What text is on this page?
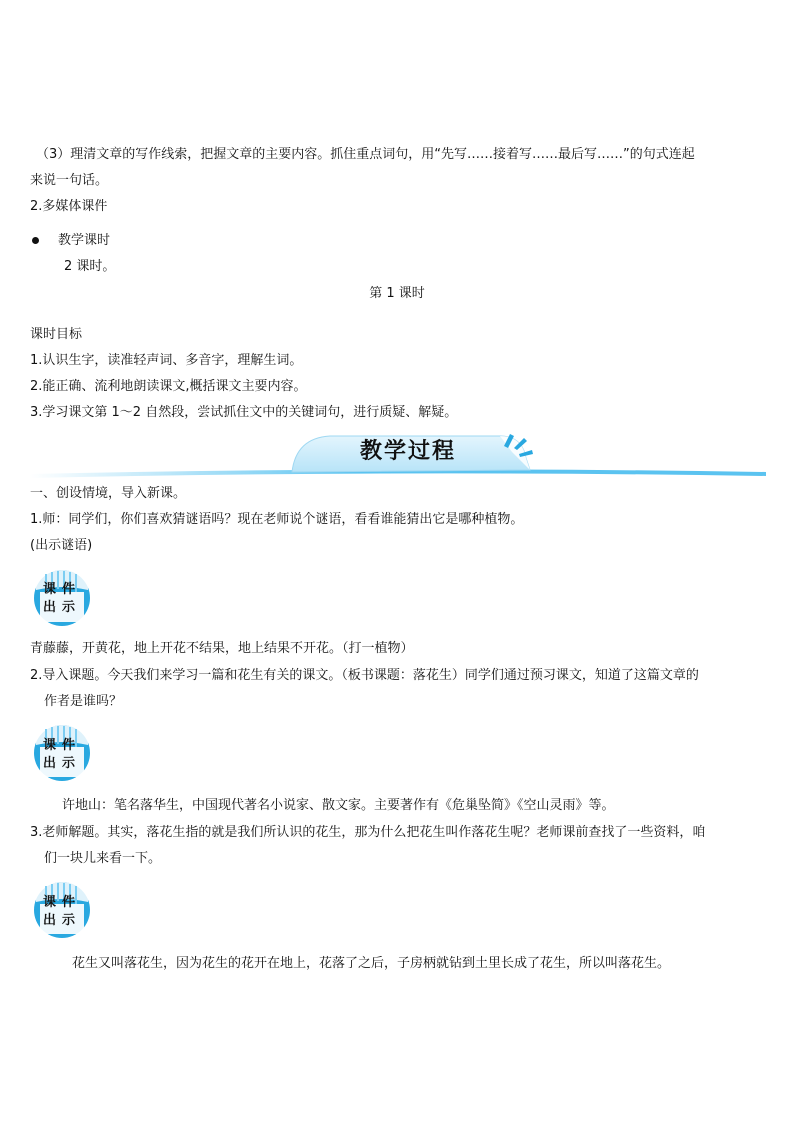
（3）理清文章的写作线索，把握文章的主要内容。抓住重点词句，用“先写……接着写……最后写……”的句式连起
来说一句话。
2.多媒体课件
教学课时
2 课时。
第 1 课时
课时目标
1.认识生字，读准轻声词、多音字，理解生词。
2.能正确、流利地朗读课文,概括课文主要内容。
3.学习课文第 1～2 自然段，尝试抓住文中的关键词句，进行质疑、解疑。
教学过程
一、创设情境，导入新课。
1.师：同学们，你们喜欢猜谜语吗？现在老师说个谜语，看看谁能猜出它是哪种植物。
(出示谜语)
课件
出示
青藤藤，开黄花，地上开花不结果，地上结果不开花。（打一植物）
2.导入课题。今天我们来学习一篇和花生有关的课文。（板书课题：落花生）同学们通过预习课文，知道了这篇文章的
作者是谁吗？
课件
出示
许地山：笔名落华生，中国现代著名小说家、散文家。主要著作有《危巢坠简》《空山灵雨》等。
3.老师解题。其实，落花生指的就是我们所认识的花生，那为什么把花生叫作落花生呢？老师课前查找了一些资料，咱
们一块儿来看一下。
课件
出示
花生又叫落花生，因为花生的花开在地上，花落了之后，子房柄就钻到土里长成了花生，所以叫落花生。
